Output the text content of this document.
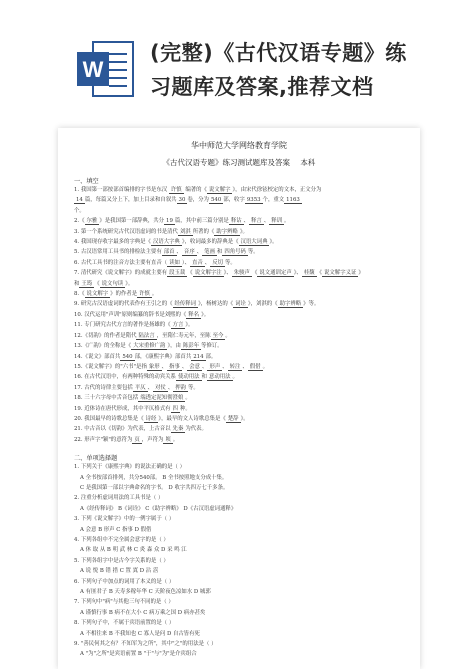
W
(完整)《古代汉语专题》练
习题库及答案,推荐文档
华中师范大学网络教育学院
《古代汉语专题》练习测试题库及答案 本科
一、填空
1. 我国第一部按部首编排的字书是东汉 许慎 编著的《 说文解字 》，由宋代徐铉校定的文本，正文分为
14 篇，每篇又分上下，加上目录和自叙共 30 卷，分为 540 部，收字 9353 个，重文 1163
个。
2.《 尔雅 》是我国第一部辞典，共分 19 篇，其中前三篇分别是 释诂 、 释言 、 释训 。
3. 第一个系统研究古代汉语虚词的书是清代 刘淇 所著的《 助字辨略 》。
4. 我国现存收字最多的字典是《 汉语大字典 》，收词最多的辞典是《 汉语大词典 》。
5. 古汉语常用工具书的排检法主要有 部首 、 音序 、 笔画 和 四角号码 等。
6. 古代工具书的注音方法主要有直音（ 读如 ）、 直音 、 反切 等。
7. 清代研究《说文解字》的成就主要有 段玉裁 《 说文解字注 》、 朱骏声 《 说文通训定声 》、 桂馥 《 说文解字义证 》
和 王筠 《 说文句读 》。
8.《 说文解字 》的作者是 许慎 。
9. 研究古汉语虚词的代表作有王引之的《 经传释词 》，杨树达的《 词诠 》，刘淇的《 助字辨略 》等。
10. 汉代运用"声训"原则编纂的辞书是刘熙的《 释名 》。
11. 专门研究古代方言的著作是扬雄的《 方言 》。
12.《切韵》的作者是隋代 陆法言 ，至隋仁寿元年，至陈 至今 。
13.《广韵》的全称是《 大宋重修广韵 》，由 陈彭年 等修订。
14.《说文》部首共 540 部，《康熙字典》部首共 214 部。
15.《说文解字》的"六书"是指 象形 、 指事 、 会意 、 形声 、 转注 、 假借 。
16. 在古代汉语中，有两种特殊的动宾关系 使动用法 和 意动用法 。
17. 古代的诗律主要包括 平仄 、 对仗 、 押韵 等。
18. 三十六字母中舌音包括 端透定泥知彻澄娘 。
19. 近体诗在唐代形成，其中平仄格式有 四 种。
20. 我国最早的诗歌总集是《 诗经 》，最早的文人诗歌总集是《 楚辞 》。
21. 中古音以《切韵》为代表，上古音以 先秦 为代表。
22. 形声字"颖"的意符为 页 ，声符为 顷 。
二、单项选择题
1. 下列关于《康熙字典》的说法正确的是（ ）
A 全书按部首排列，共分540部。 B 全书按照地支分成十集。
C 是我国第一部以字典命名的字书。 D 收字共四万七千多条。
2. 注重分析虚词用法的工具书是（ ）
A《经传释词》 B《词诠》 C《助字辨略》 D《古汉语虚词通释》
3. 下列《说文解字》中的一例字属于（ ）
A 会意 B 形声 C 指事 D 假借
4. 下列各组中不完全属会意字的是（ ）
A 休 取 从 B 明 武 林 C 炎 森 众 D 采 鸣 江
5. 下列各组字中是古今字关系的是（ ）
A 说 悦 B 错 措 C 置 寘 D 沾 霑
6. 下列句子中加点的词用了本义的是（ ）
A 有匪君子 B 天寿多稼年华 C 天阶夜色凉如水 D 城郭
7. 下列句中"病"与其他三句不同的是（ ）
A 谨慎行事 B 病不在大小 C 病万乘之国 D 病亦甚矣
8. 下列句子中，不属于宾语前置的是（ ）
A 不相往来 B 不我知也 C 寡人是问 D 自古皆有死
9. "善民何其之有？不知军为之所"，其中"之"的用法是（ ）
A "为"之所"是宾语前置 B "于"与"为"是介宾组合
